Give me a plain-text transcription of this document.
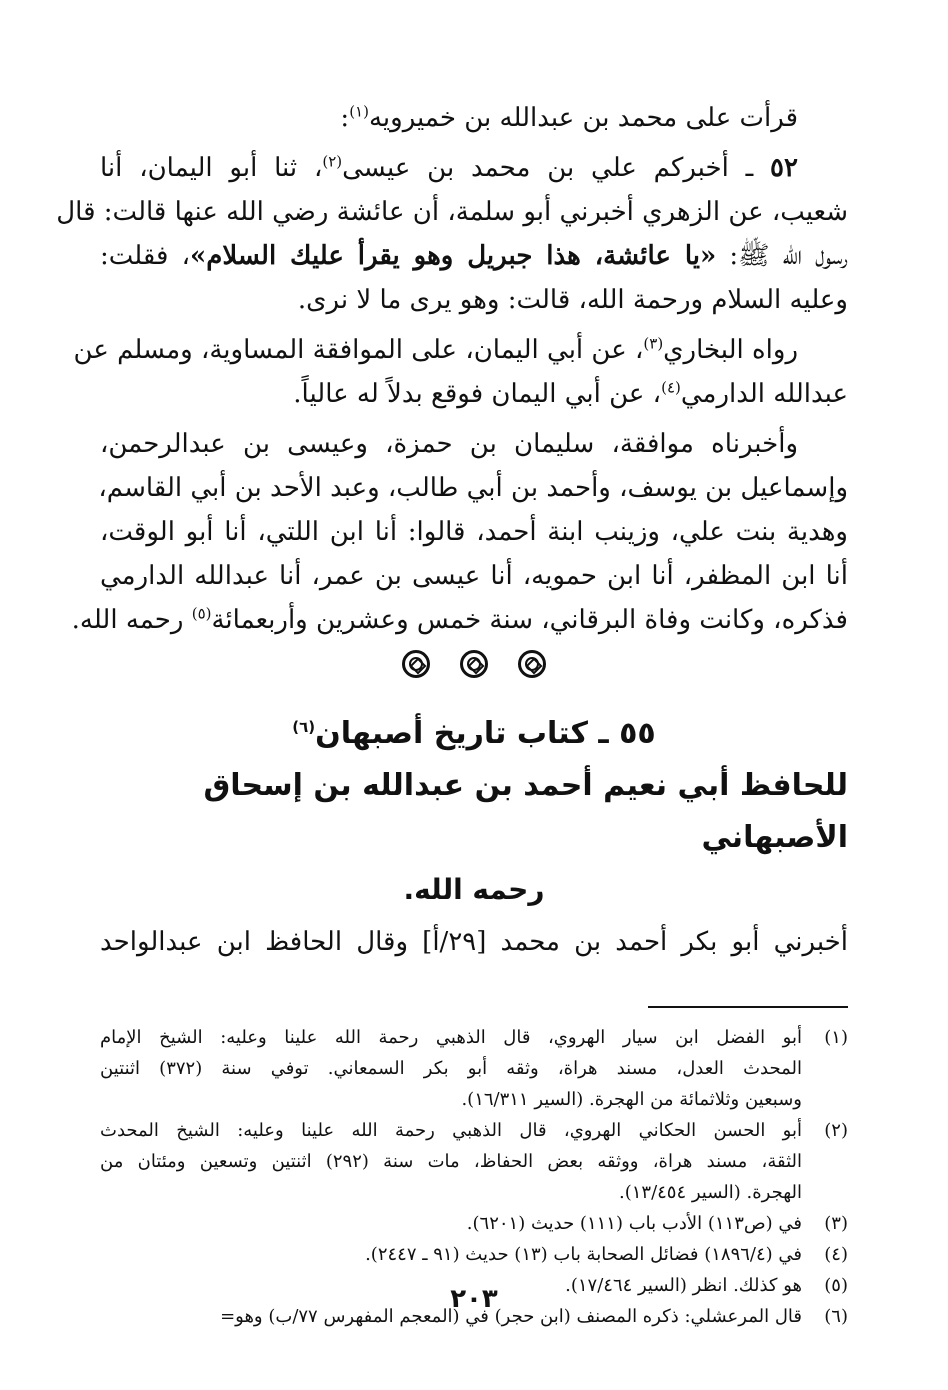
قرأت على محمد بن عبدالله بن خميرويه$^{(١)}$:
٥٢ ـ أخبركم علي بن محمد بن عيسى$^{(٢)}$، ثنا أبو اليمان، أنا
شعيب، عن الزهري أخبرني أبو سلمة، أن عائشة رضي الله عنها قالت: قال
رسول الله ﷺ: «يا عائشة، هذا جبريل وهو يقرأ عليك السلام»، فقلت:
وعليه السلام ورحمة الله، قالت: وهو يرى ما لا نرى.
رواه البخاري$^{(٣)}$، عن أبي اليمان، على الموافقة المساوية، ومسلم عن
عبدالله الدارمي$^{(٤)}$، عن أبي اليمان فوقع بدلاً له عالياً.
وأخبرناه موافقة، سليمان بن حمزة، وعيسى بن عبدالرحمن،
وإسماعيل بن يوسف، وأحمد بن أبي طالب، وعبد الأحد بن أبي القاسم،
وهدية بنت علي، وزينب ابنة أحمد، قالوا: أنا ابن اللتي، أنا أبو الوقت،
أنا ابن المظفر، أنا ابن حمويه، أنا عيسى بن عمر، أنا عبدالله الدارمي
فذكره، وكانت وفاة البرقاني، سنة خمس وعشرين وأربعمائة$^{(٥)}$ رحمه الله.
٥٥ ـ كتاب تاريخ أصبهان$^{(٦)}$
للحافظ أبي نعيم أحمد بن عبدالله بن إسحاق الأصبهاني
رحمه الله.
أخبرني أبو بكر أحمد بن محمد [٢٩/أ] وقال الحافظ ابن عبدالواحد
(١)
أبو الفضل ابن سيار الهروي، قال الذهبي رحمة الله علينا وعليه: الشيخ الإمام
المحدث العدل، مسند هراة، وثقه أبو بكر السمعاني. توفي سنة (٣٧٢) اثنتين
وسبعين وثلاثمائة من الهجرة. (السير ١٦/٣١١).
(٢)
أبو الحسن الحكاني الهروي، قال الذهبي رحمة الله علينا وعليه: الشيخ المحدث
الثقة، مسند هراة، ووثقه بعض الحفاظ، مات سنة (٢٩٢) اثنتين وتسعين ومئتان من
الهجرة. (السير ١٣/٤٥٤).
(٣)
في (ص١١٣) الأدب باب (١١١) حديث (٦٢٠١).
(٤)
في (١٨٩٦/٤) فضائل الصحابة باب (١٣) حديث (٩١ ـ ٢٤٤٧).
(٥)
هو كذلك. انظر (السير ١٧/٤٦٤).
(٦)
قال المرعشلي: ذكره المصنف (ابن حجر) في (المعجم المفهرس ٧٧/ب) وهو=
٢٠٣
